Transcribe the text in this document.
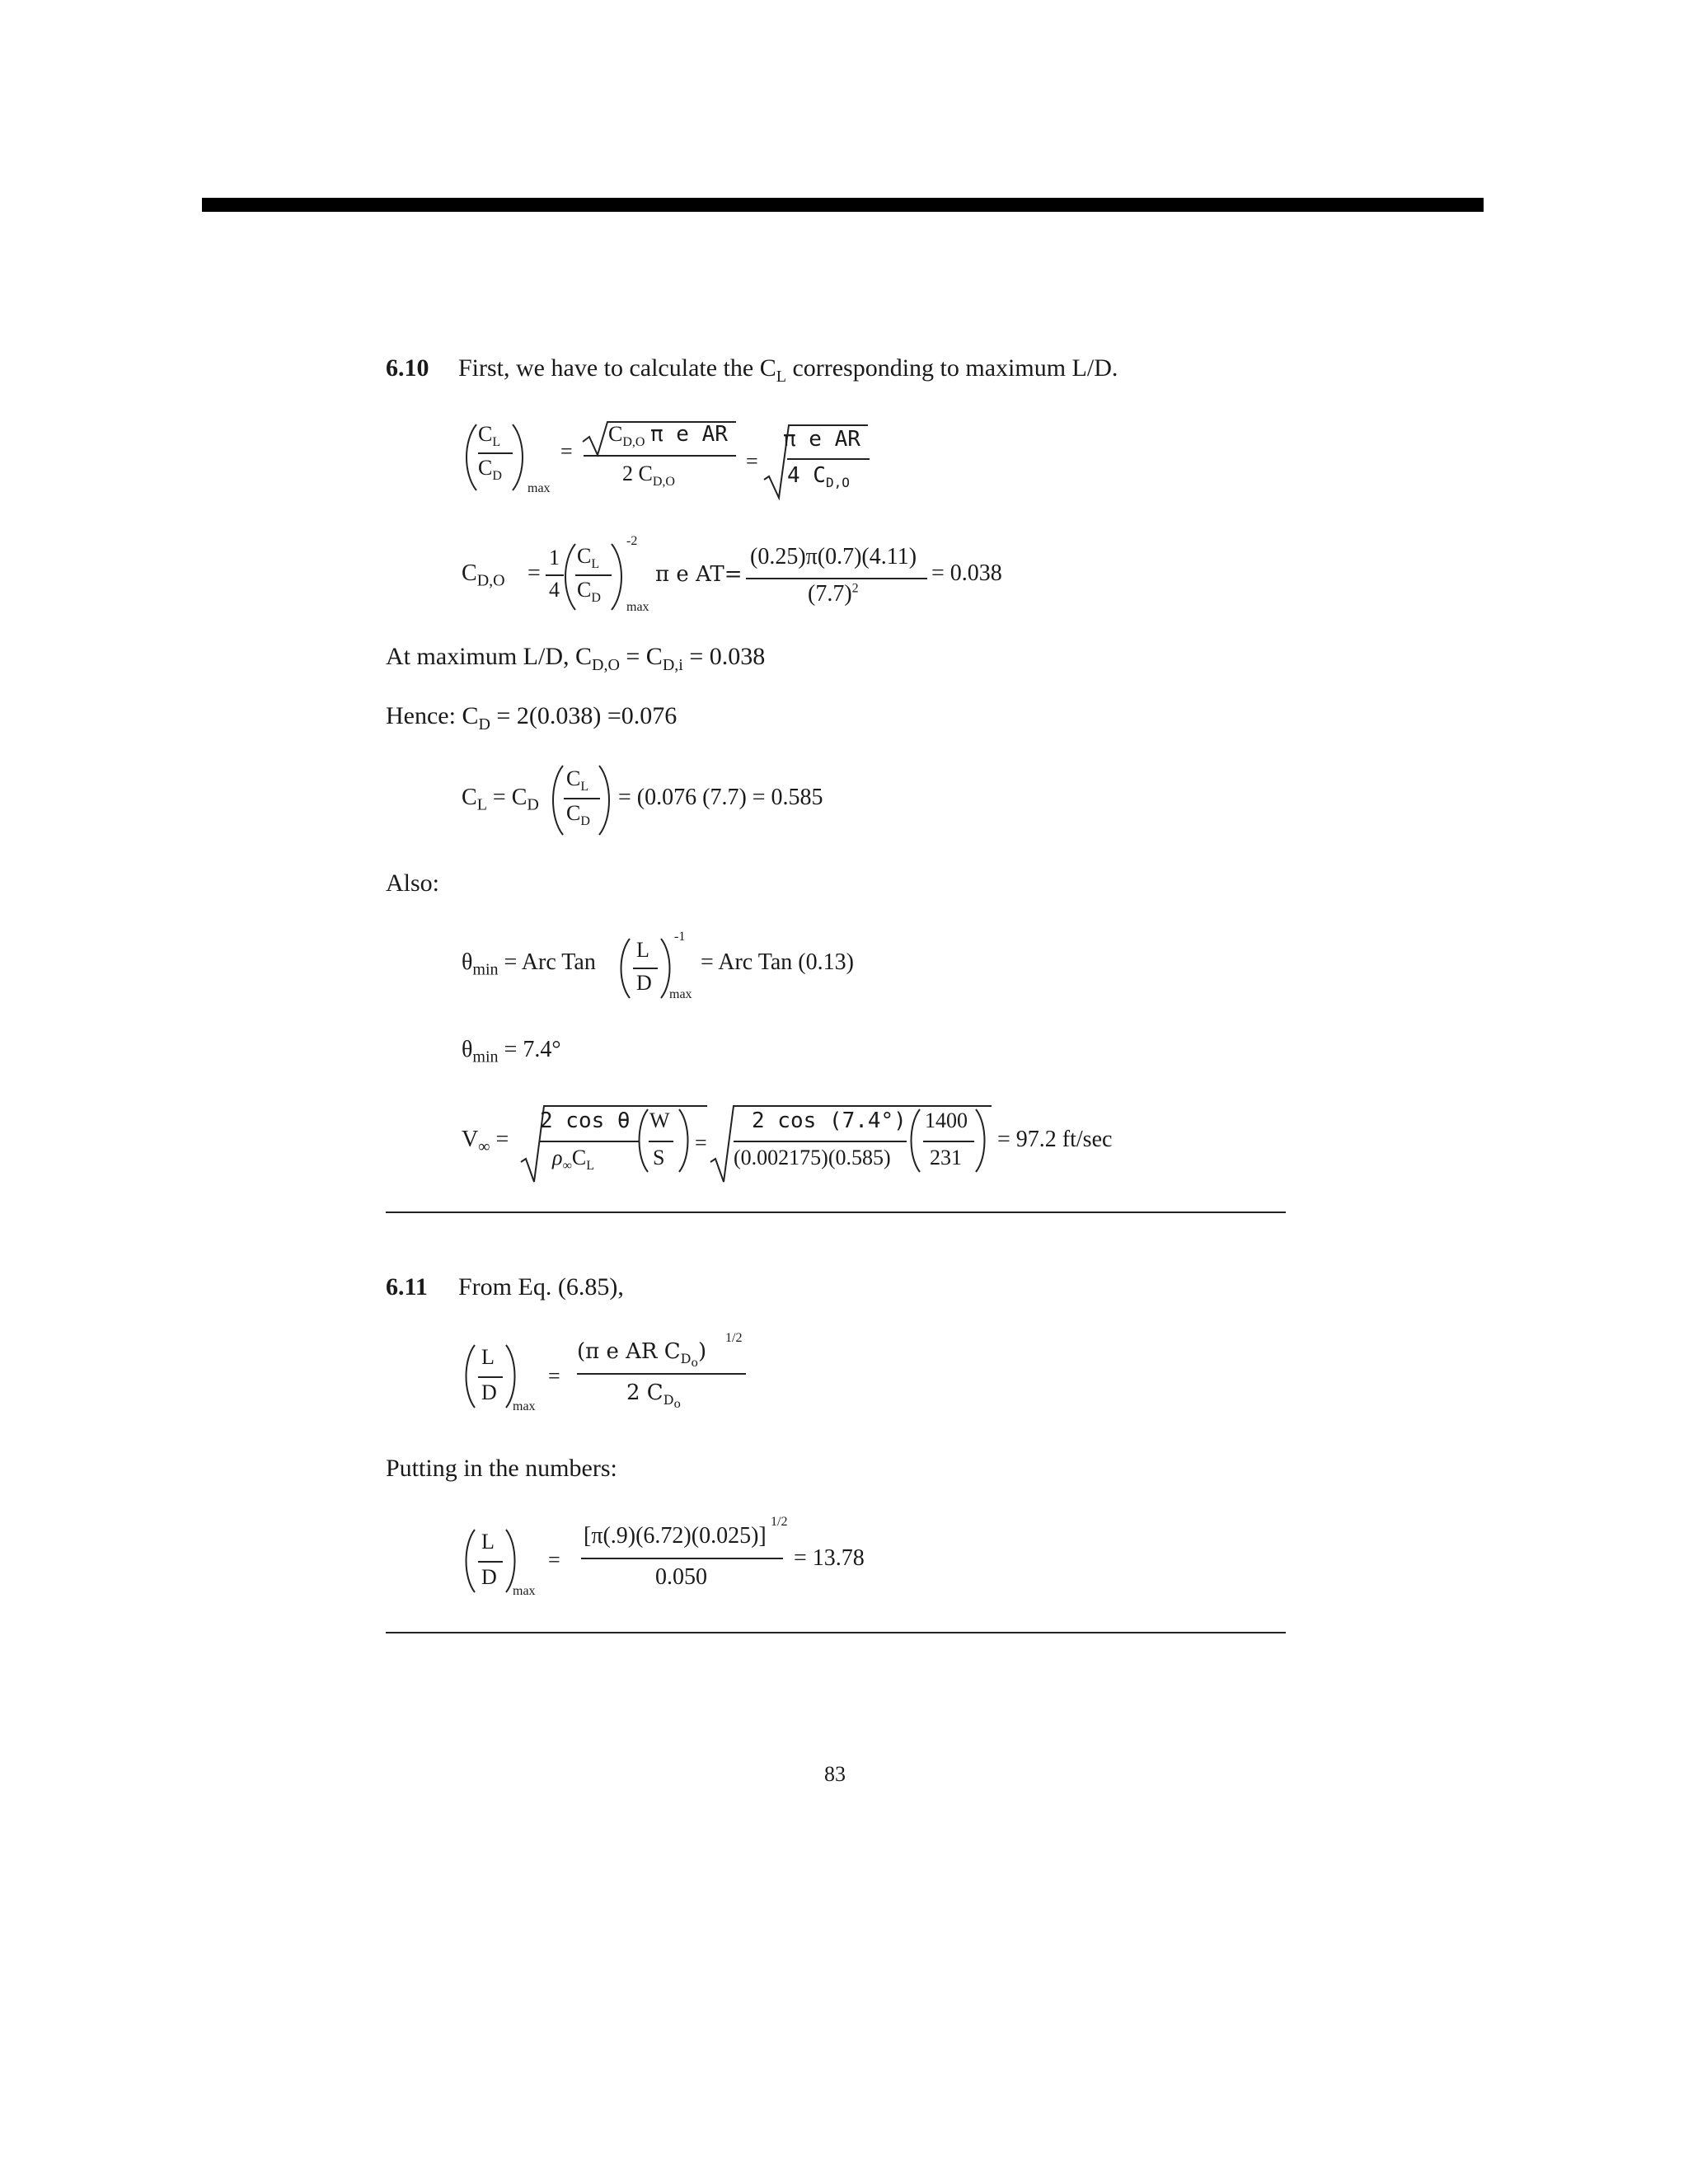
6.10 First, we have to calculate the $C_L$ corresponding to maximum L/D.
$C_L$
$C_D$
max
=
$C_{D,O}$ π e AR
2 $C_{D,O}$
=
π e AR
4 $C_{D,O}$
$C_{D,O}$ =
1
4
$C_L$
$C_D$
-2
max
π e AT=
(0.25)π(0.7)(4.11)
$(7.7)^2$
= 0.038
At maximum L/D, $C_{D,O} = C_{D,i} = 0.038$
Hence: $C_D = 2(0.038) =0.076$
$C_L = C_D$
$C_L$
$C_D$
= (0.076 (7.7) = 0.585
Also:
$\theta_{min}$ = Arc Tan L
D
-1
max
= Arc Tan (0.13)
$\theta_{min} = 7.4^\circ$
$V_\infty$ =
2 cos θ
$\rho_\infty C_L$
W
S
=
2 cos (7.4°)
(0.002175)(0.585)
1400
231
= 97.2 ft/sec
6.11 From Eq. (6.85),
L
D
max
=
(π e AR $C_{D_o}$)
1/2
2 $C_{D_o}$
Putting in the numbers:
L
D
max
=
[π(.9)(6.72)(0.025)]
1/2
0.050
= 13.78
83
